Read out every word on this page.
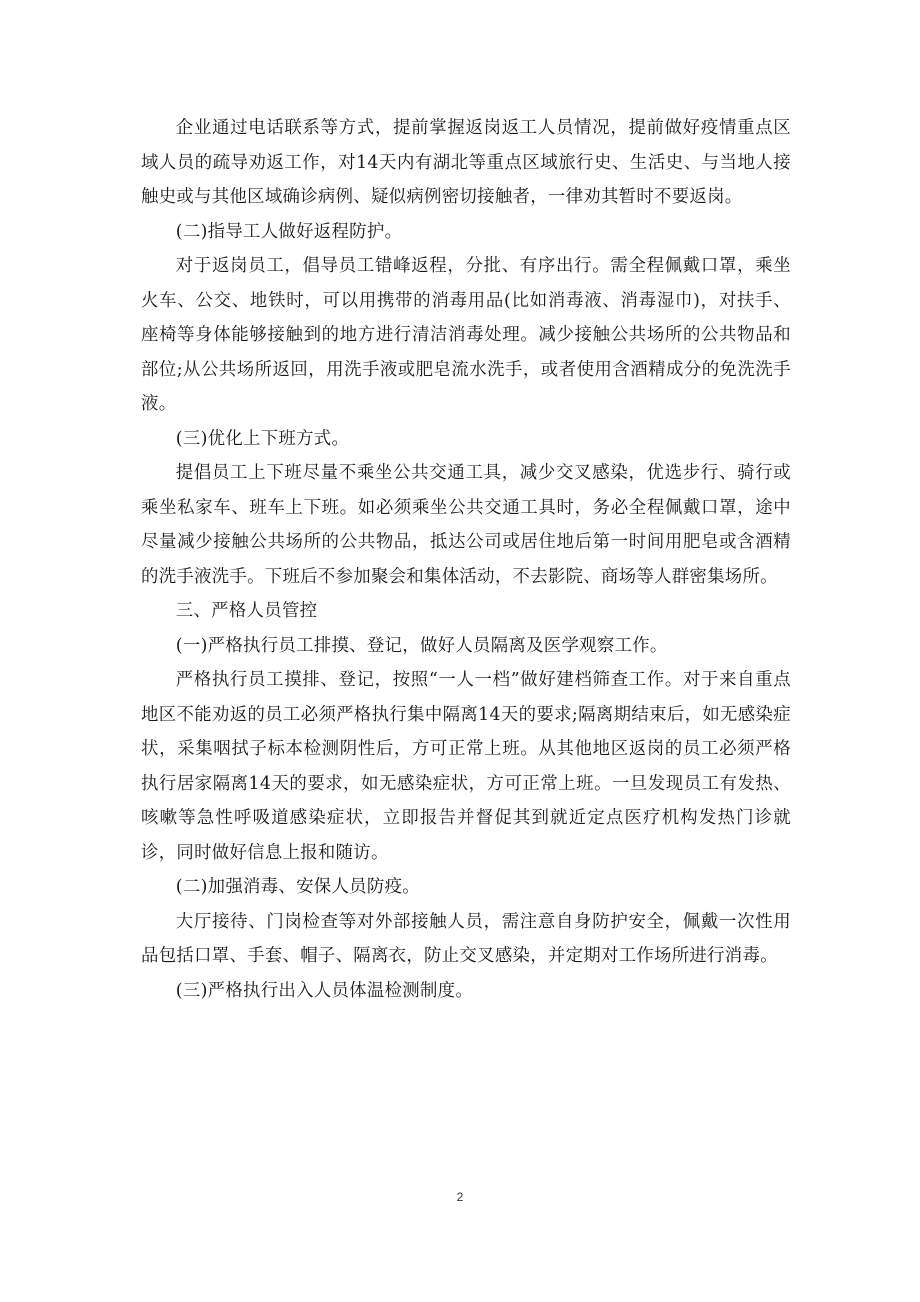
企业通过电话联系等方式，提前掌握返岗返工人员情况，提前做好疫情重点区域人员的疏导劝返工作，对14天内有湖北等重点区域旅行史、生活史、与当地人接触史或与其他区域确诊病例、疑似病例密切接触者，一律劝其暂时不要返岗。

(二)指导工人做好返程防护。

对于返岗员工，倡导员工错峰返程，分批、有序出行。需全程佩戴口罩，乘坐火车、公交、地铁时，可以用携带的消毒用品(比如消毒液、消毒湿巾)，对扶手、座椅等身体能够接触到的地方进行清洁消毒处理。减少接触公共场所的公共物品和部位;从公共场所返回，用洗手液或肥皂流水洗手，或者使用含酒精成分的免洗洗手液。

(三)优化上下班方式。

提倡员工上下班尽量不乘坐公共交通工具，减少交叉感染，优选步行、骑行或乘坐私家车、班车上下班。如必须乘坐公共交通工具时，务必全程佩戴口罩，途中尽量减少接触公共场所的公共物品，抵达公司或居住地后第一时间用肥皂或含酒精的洗手液洗手。下班后不参加聚会和集体活动，不去影院、商场等人群密集场所。

三、严格人员管控

(一)严格执行员工排摸、登记，做好人员隔离及医学观察工作。

严格执行员工摸排、登记，按照“一人一档”做好建档筛查工作。对于来自重点地区不能劝返的员工必须严格执行集中隔离14天的要求;隔离期结束后，如无感染症状，采集咽拭子标本检测阴性后，方可正常上班。从其他地区返岗的员工必须严格执行居家隔离14天的要求，如无感染症状，方可正常上班。一旦发现员工有发热、咳嗽等急性呼吸道感染症状，立即报告并督促其到就近定点医疗机构发热门诊就诊，同时做好信息上报和随访。

(二)加强消毒、安保人员防疫。

大厅接待、门岗检查等对外部接触人员，需注意自身防护安全，佩戴一次性用品包括口罩、手套、帽子、隔离衣，防止交叉感染，并定期对工作场所进行消毒。

(三)严格执行出入人员体温检测制度。

2
